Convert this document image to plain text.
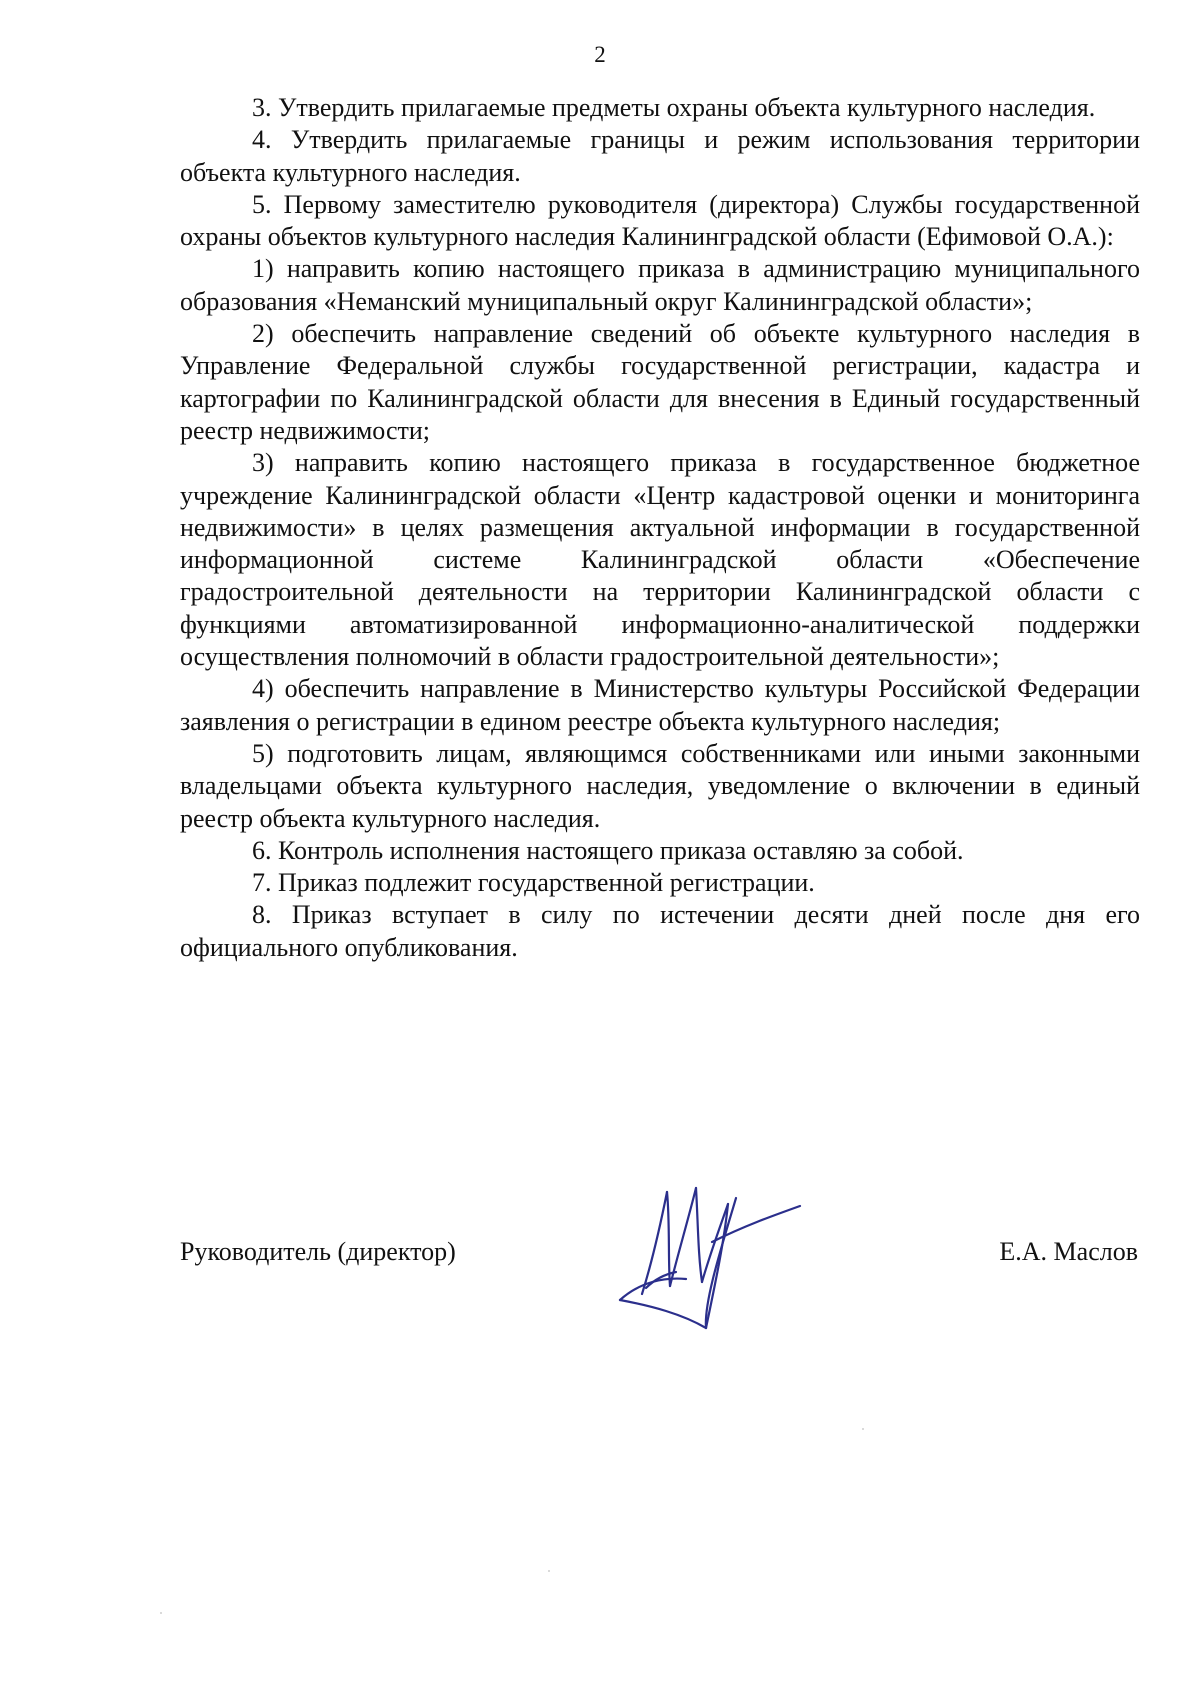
2

3. Утвердить прилагаемые предметы охраны объекта культурного наследия.

4. Утвердить прилагаемые границы и режим использования территории объекта культурного наследия.

5. Первому заместителю руководителя (директора) Службы государственной охраны объектов культурного наследия Калининградской области (Ефимовой О.А.):

1) направить копию настоящего приказа в администрацию муниципального образования «Неманский муниципальный округ Калининградской области»;

2) обеспечить направление сведений об объекте культурного наследия в Управление Федеральной службы государственной регистрации, кадастра и картографии по Калининградской области для внесения в Единый государственный реестр недвижимости;

3) направить копию настоящего приказа в государственное бюджетное учреждение Калининградской области «Центр кадастровой оценки и мониторинга недвижимости» в целях размещения актуальной информации в государственной информационной системе Калининградской области «Обеспечение градостроительной деятельности на территории Калининградской области с функциями автоматизированной информационно-аналитической поддержки осуществления полномочий в области градостроительной деятельности»;

4) обеспечить направление в Министерство культуры Российской Федерации заявления о регистрации в едином реестре объекта культурного наследия;

5) подготовить лицам, являющимся собственниками или иными законными владельцами объекта культурного наследия, уведомление о включении в единый реестр объекта культурного наследия.

6. Контроль исполнения настоящего приказа оставляю за собой.

7. Приказ подлежит государственной регистрации.

8. Приказ вступает в силу по истечении десяти дней после дня его официального опубликования.

Руководитель (директор)	Е.А. Маслов
